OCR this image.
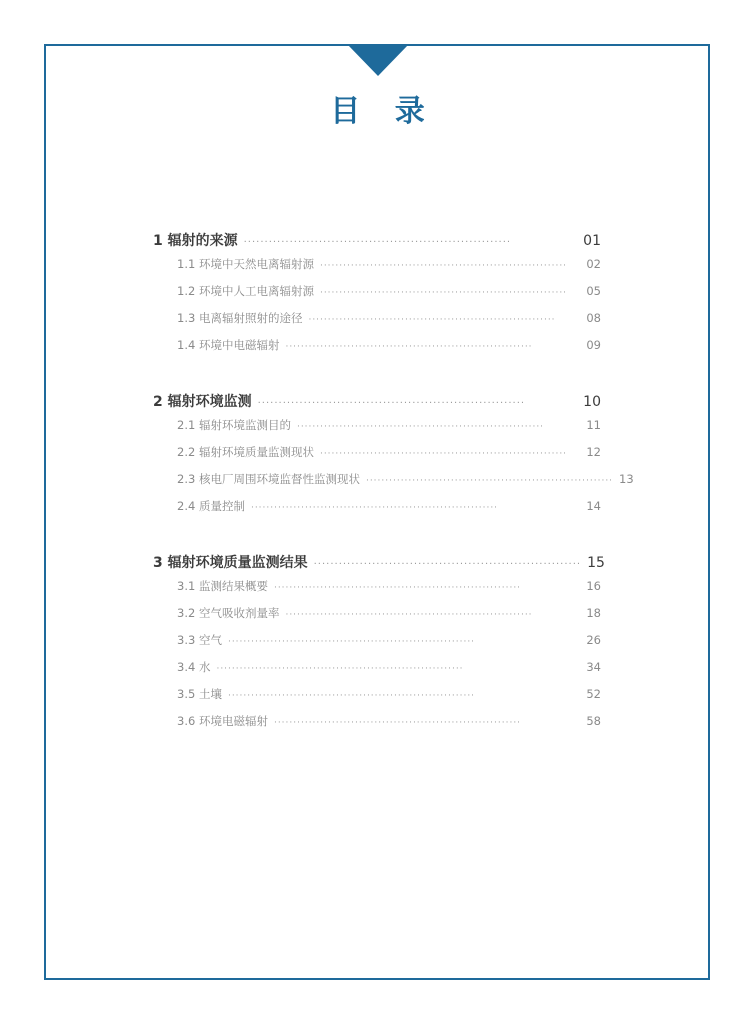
目 录
1 辐射的来源 ································································	01
1.1 环境中天然电离辐射源 ································································	02
1.2 环境中人工电离辐射源 ································································	05
1.3 电离辐射照射的途径 ································································	08
1.4 环境中电磁辐射 ································································	09
2 辐射环境监测 ································································	10
2.1 辐射环境监测目的 ································································	11
2.2 辐射环境质量监测现状 ································································	12
2.3 核电厂周围环境监督性监测现状 ································································ 13
2.4 质量控制 ································································	14
3 辐射环境质量监测结果 ································································ 15
3.1 监测结果概要 ································································	16
3.2 空气吸收剂量率 ································································	18
3.3 空气 ································································	26
3.4 水 ································································	34
3.5 土壤 ································································	52
3.6 环境电磁辐射 ································································	58
